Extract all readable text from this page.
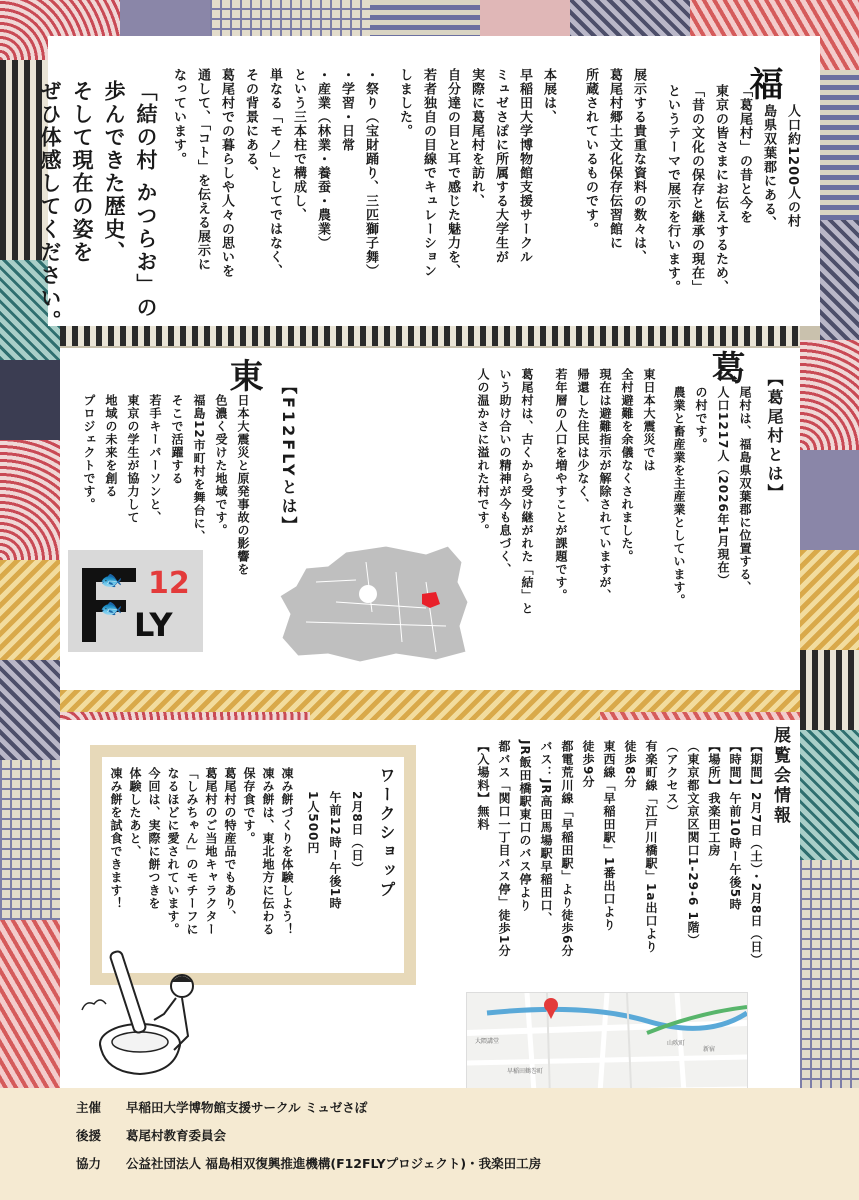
福
島県双葉郡にある、 人口約1200人の村
「葛尾村」の昔と今を
東京の皆さまにお伝えするため、
「昔の文化の保存と継承の現在」
というテーマで展示を行います。
展示する貴重な資料の数々は、
葛尾村郷土文化保存伝習館に
所蔵されているものです。
本展は、
早稲田大学博物館支援サークル
ミュゼさぽに所属する大学生が
実際に葛尾村を訪れ、
自分達の目と耳で感じた魅力を、
若者独自の目線でキュレーション
しました。
・祭り（宝財踊り、三匹獅子舞）
・学習・日常
・産業（林業・養蚕・農業）
という三本柱で構成し、
単なる「モノ」としてではなく、
その背景にある、
葛尾村での暮らしや人々の思いを
通して、「コト」を伝える展示に
なっています。
「結の村 かつらお」の
歩んできた歴史、
そして現在の姿を
ぜひ体感してください。
【葛尾村とは】
葛
尾村は、福島県双葉郡に位置する、
人口1217人（2026年1月現在）
の村です。
農業と畜産業を主産業としています。
東日本大震災では
全村避難を余儀なくされました。
現在は避難指示が解除されていますが、
帰還した住民は少なく、
若年層の人口を増やすことが課題です。
葛尾村は、古くから受け継がれた「結」と
いう助け合いの精神が今も息づく、
人の温かさに溢れた村です。
【F12FLYとは】
東
日本大震災と原発事故の影響を
色濃く受けた地域です。
福島12市町村を舞台に、
そこで活躍する
若手キーパーソンと、
東京の学生が協力して
地域の未来を創る
プロジェクトです。
🐟
🐟
12
LY
展覧会情報
【期間】2月7日（土）・2月8日（日）
【時間】午前10時ー午後5時
【場所】我楽田工房
（東京都文京区関口1-29-6 1階）
（アクセス）
有楽町線「江戸川橋駅」1a出口より
徒歩8分
東西線「早稲田駅」1番出口より
徒歩9分
都電荒川線「早稲田駅」より徒歩6分
バス：JR高田馬場駅早稲田口、
JR飯田橋駅東口のバス停より
都バス「関口一丁目バス停」徒歩1分
【入場料】無料
ワークショップ
2月8日（日）
午前12時ー午後1時
1人500円
凍み餅づくりを体験しよう！
凍み餅は、東北地方に伝わる
保存食です。
葛尾村の特産品でもあり、
葛尾村のご当地キャラクター
「しみちゃん」のモチーフに
なるほどに愛されています。
今回は、実際に餅つきを
体験したあと、
凍み餅を試食できます！
大隈講堂	山吹町
早稲田鶴巻町
新宿
主催	早稲田大学博物館支援サークル ミュゼさぽ
後援	葛尾村教育委員会
協力	公益社団法人 福島相双復興推進機構(F12FLYプロジェクト)・我楽田工房
